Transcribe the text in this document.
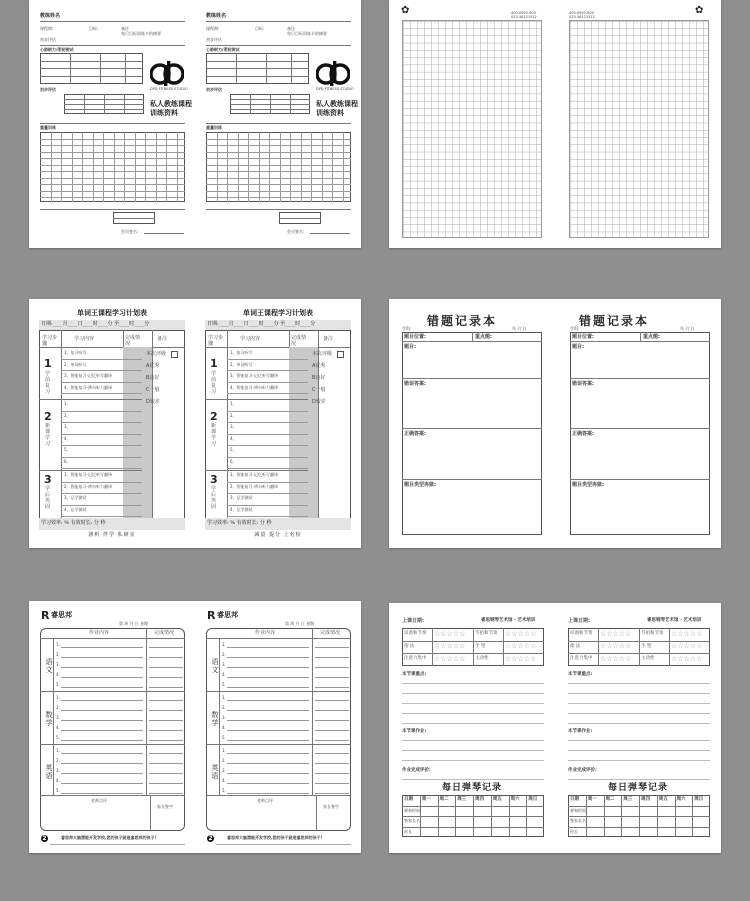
教练姓名
课程期:	目标:	备注
每日目标训练卡的摘要
初步评估
心肺耐力/柔韧测试
DPD FITNESS STUDIO
私人教练课程
训练资料
初步评估
重量训练
会员签名:
教练姓名
课程期:	目标:	备注
每日目标训练卡的摘要
初步评估
心肺耐力/柔韧测试
DPD FITNESS STUDIO
私人教练课程
训练资料
初步评估
重量训练
会员签名:
✿	400-0993-900
023-58121512
400-0993-900
023-58121512
✿
单词王课程学习计划表
日期:____月____日____时____分 至____时____分
学习步骤
学习内容	完成情况
备注
1
学前复习
1、复习听写
2、单词听写
3、智能复习-记忆听写翻译
4、智能复习-辨句听力翻译
2
新课学习
1、
2、
3、
4、
5、
6、
3
学后巩固
1、智能复习-记忆听写翻译
2、智能复习-辨句听力翻译
3、记学测试
4、记学测试
本次评级
A优秀
B良好
C一般
D较差
学习效率: % 有效时长: 分 秒
剧析 伴学 私研室
单词王课程学习计划表
日期:____月____日____时____分 至____时____分
学习步骤
学习内容	完成情况
备注
1
学前复习
1、复习听写
2、单词听写
3、智能复习-记忆听写翻译
4、智能复习-辨句听力翻译
2
新课学习
1、
2、
3、
4、
5、
6、
3
学后巩固
1、智能复习-记忆听写翻译
2、智能复习-辨句听力翻译
3、记学测试
4、记学测试
本次评级
A优秀
B良好
C一般
D较差
学习效率: % 有效时长: 分 秒
减量 提分 上名校
错题记录本
学科:	年 月 日
题目位置:	重点题:
题目:
错误答案:
正确答案:
题目类型再做:
错题记录本
学科:	年 月 日
题目位置:	重点题:
题目:
错误答案:
正确答案:
题目类型再做:
R 睿思邦
第 周 月 日 星期
作业内容	完成情况
语文
1.
2.
3.
4.
5.
数学
1.
2.
3.
4.
5.
英语
1.
2.
3.
4.
5.
老师点评
家长签字
2	睿思邦大脑潜能开发学校,您的孩子就是睿思邦的孩子!
R 睿思邦
第 周 月 日 星期
作业内容	完成情况
语文
1.
2.
3.
4.
5.
数学
1.
2.
3.
4.
5.
英语
1.
2.
3.
4.
5.
老师点评
家长签字
2	睿思邦大脑潜能开发学校,您的孩子就是睿思邦的孩子!
上课日期:	睿思钢琴艺术馆 · 艺术培训
识谱和节奏 ☆☆☆☆☆ 节拍和节奏 ☆☆☆☆☆
指 法	☆☆☆☆☆ 手 型	☆☆☆☆☆
注意力集中 ☆☆☆☆☆ 主动性 ☆☆☆☆☆
本节课重点:
本节课作业:
作业完成评价:
每日弹琴记录
日期 周一 周二 周三 周四 周五 周六 周日
弹奏时间
签家长名
时长
上课日期:	睿思钢琴艺术馆 · 艺术培训
识谱和节奏 ☆☆☆☆☆ 节拍和节奏 ☆☆☆☆☆
指 法	☆☆☆☆☆ 手 型	☆☆☆☆☆
注意力集中 ☆☆☆☆☆ 主动性 ☆☆☆☆☆
本节课重点:
本节课作业:
作业完成评价:
每日弹琴记录
日期 周一 周二 周三 周四 周五 周六 周日
弹奏时间
签家长名
时长
